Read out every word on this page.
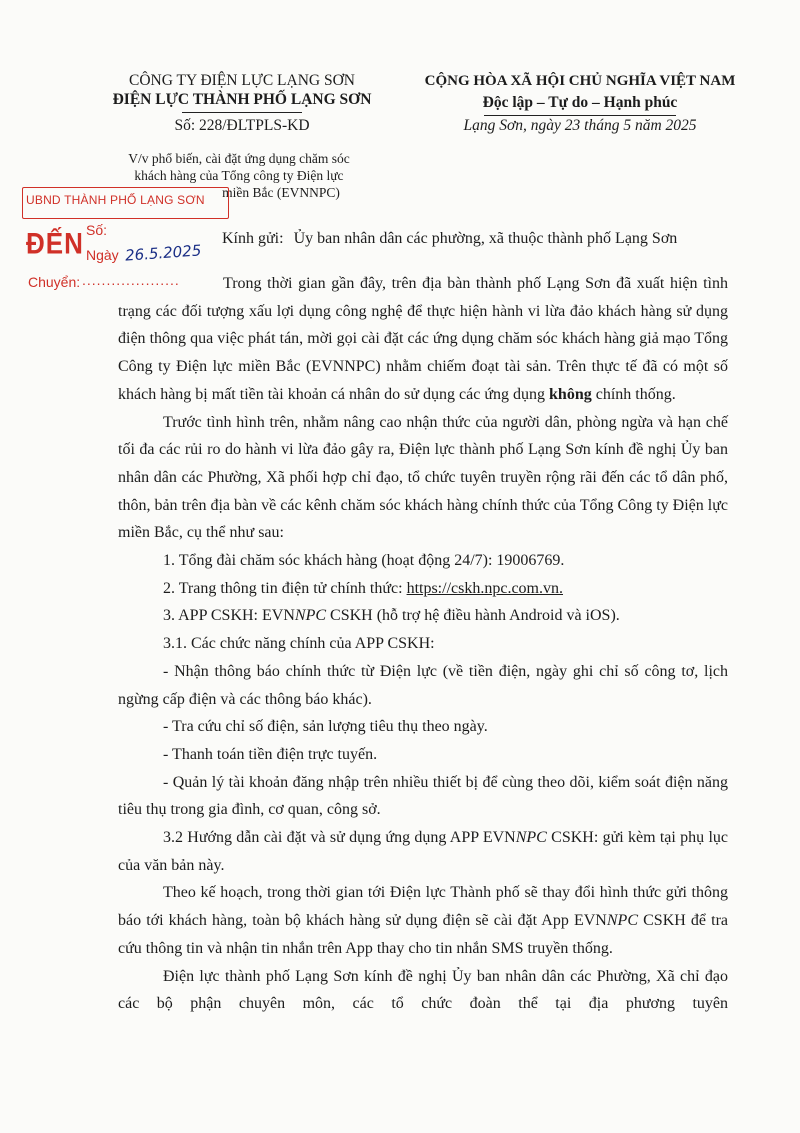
CÔNG TY ĐIỆN LỰC LẠNG SƠN
ĐIỆN LỰC THÀNH PHỐ LẠNG SƠN
Số: 228/ĐLTPLS-KD
V/v phổ biến, cài đặt ứng dụng chăm sóc
khách hàng của Tổng công ty Điện lực
miền Bắc (EVNNPC)
CỘNG HÒA XÃ HỘI CHỦ NGHĨA VIỆT NAM
Độc lập – Tự do – Hạnh phúc
Lạng Sơn, ngày 23 tháng 5 năm 2025
UBND THÀNH PHỐ LẠNG SƠN
ĐẾN Số:
Ngày 26.5.2025
Chuyển: ....................
Kính gửi: Ủy ban nhân dân các phường, xã thuộc thành phố Lạng Sơn

Trong thời gian gần đây, trên địa bàn thành phố Lạng Sơn đã xuất hiện tình trạng các đối tượng xấu lợi dụng công nghệ để thực hiện hành vi lừa đảo khách hàng sử dụng điện thông qua việc phát tán, mời gọi cài đặt các ứng dụng chăm sóc khách hàng giả mạo Tổng Công ty Điện lực miền Bắc (EVNNPC) nhằm chiếm đoạt tài sản. Trên thực tế đã có một số khách hàng bị mất tiền tài khoản cá nhân do sử dụng các ứng dụng không chính thống.

Trước tình hình trên, nhằm nâng cao nhận thức của người dân, phòng ngừa và hạn chế tối đa các rủi ro do hành vi lừa đảo gây ra, Điện lực thành phố Lạng Sơn kính đề nghị Ủy ban nhân dân các Phường, Xã phối hợp chỉ đạo, tổ chức tuyên truyền rộng rãi đến các tổ dân phố, thôn, bản trên địa bàn về các kênh chăm sóc khách hàng chính thức của Tổng Công ty Điện lực miền Bắc, cụ thể như sau:

1. Tổng đài chăm sóc khách hàng (hoạt động 24/7): 19006769.

2. Trang thông tin điện tử chính thức: https://cskh.npc.com.vn.

3. APP CSKH: EVNNPC CSKH (hỗ trợ hệ điều hành Android và iOS).

3.1. Các chức năng chính của APP CSKH:

- Nhận thông báo chính thức từ Điện lực (về tiền điện, ngày ghi chỉ số công tơ, lịch ngừng cấp điện và các thông báo khác).

- Tra cứu chỉ số điện, sản lượng tiêu thụ theo ngày.

- Thanh toán tiền điện trực tuyến.

- Quản lý tài khoản đăng nhập trên nhiều thiết bị để cùng theo dõi, kiểm soát điện năng tiêu thụ trong gia đình, cơ quan, công sở.

3.2 Hướng dẫn cài đặt và sử dụng ứng dụng APP EVNNPC CSKH: gửi kèm tại phụ lục của văn bản này.

Theo kế hoạch, trong thời gian tới Điện lực Thành phố sẽ thay đổi hình thức gửi thông báo tới khách hàng, toàn bộ khách hàng sử dụng điện sẽ cài đặt App EVNNPC CSKH để tra cứu thông tin và nhận tin nhắn trên App thay cho tin nhắn SMS truyền thống.

Điện lực thành phố Lạng Sơn kính đề nghị Ủy ban nhân dân các Phường, Xã chỉ đạo các bộ phận chuyên môn, các tổ chức đoàn thể tại địa phương tuyên
